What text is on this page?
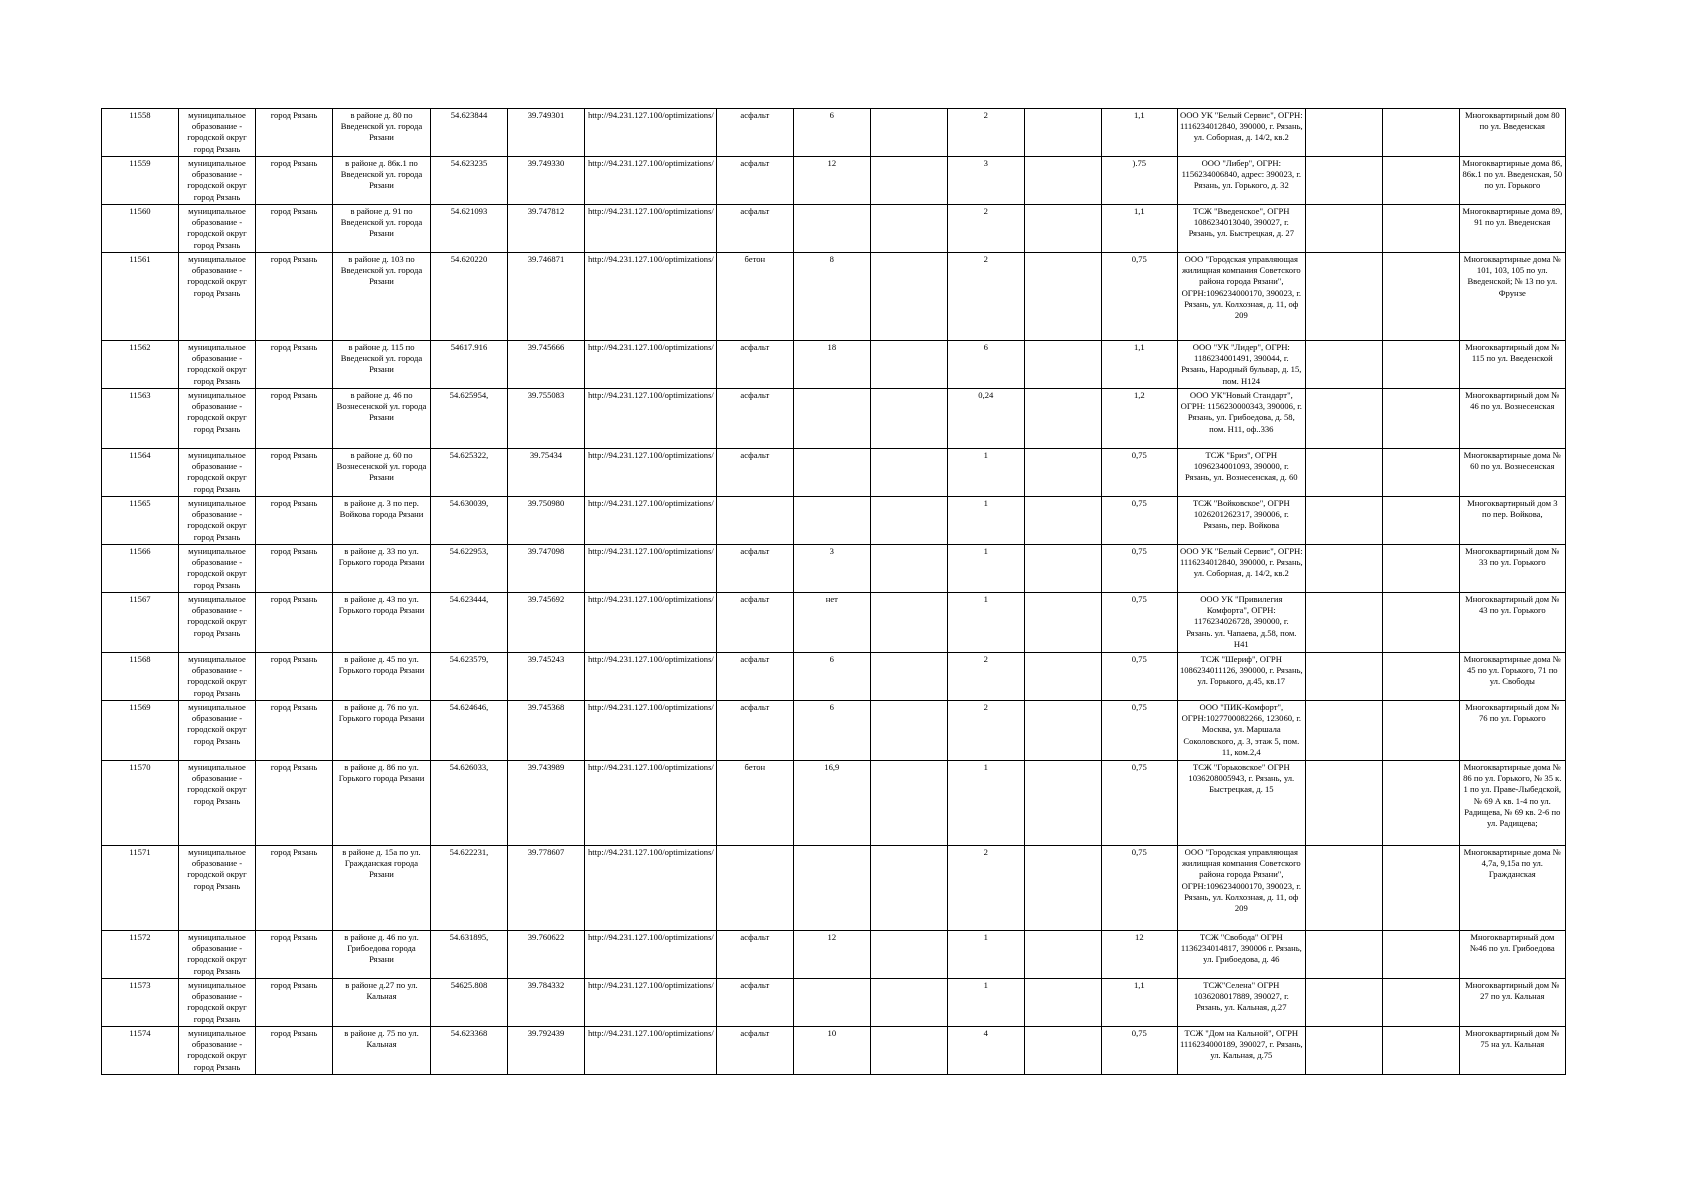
11558	муниципальное образование - городской округ город Рязань	город Рязань	в районе д. 80 по Введенской ул. города Рязани	54.623844	39.749301	http://94.231.127.100/optimizations/	асфальт	6		2		1,1	ООО УК "Белый Сервис", ОГРН: 1116234012840, 390000, г. Рязань, ул. Соборная, д. 14/2, кв.2			Многоквартирный дом 80 по ул. Введенская
11559	муниципальное образование - городской округ город Рязань	город Рязань	в районе д. 86к.1 по Введенской ул. города Рязани	54.623235	39.749330	http://94.231.127.100/optimizations/	асфальт	12		3		).75	ООО "Либер", ОГРН: 1156234006840, адрес: 390023, г. Рязань, ул. Горького, д. 32			Многоквартирные дома 86, 86к.1 по ул. Введенская, 50 по ул. Горького
11560	муниципальное образование - городской округ город Рязань	город Рязань	в районе д. 91 по Введенской ул. города Рязани	54.621093	39.747812	http://94.231.127.100/optimizations/	асфальт			2		1,1	ТСЖ "Введенское", ОГРН 1086234013040, 390027, г. Рязань, ул. Быстрецкая, д. 27			Многоквартирные дома 89, 91 по ул. Введенская
11561	муниципальное образование - городской округ город Рязань	город Рязань	в районе д. 103 по Введенской ул. города Рязани	54.620220	39.746871	http://94.231.127.100/optimizations/	бетон	8		2		0,75	ООО "Городская управляющая жилищная компания Советского района города Рязани", ОГРН:1096234000170, 390023, г. Рязань, ул. Колхозная, д. 11, оф 209			Многоквартирные дома № 101, 103, 105 по ул. Введенской; № 13 по ул. Фрунзе
11562	муниципальное образование - городской округ город Рязань	город Рязань	в районе д. 115 по Введенской ул. города Рязани	54617.916	39.745666	http://94.231.127.100/optimizations/	асфальт	18		6		1,1	ООО "УК "Лидер", ОГРН: 1186234001491, 390044, г. Рязань, Народный бульвар, д. 15, пом. Н124			Многоквартирный дом № 115 по ул. Введенской
11563	муниципальное образование - городской округ город Рязань	город Рязань	в районе д. 46 по Вознесенской ул. города Рязани	54.625954,	39.755083	http://94.231.127.100/optimizations/	асфальт			0,24		1,2	ООО УК"Новый Стандарт", ОГРН: 1156230000343, 390006, г. Рязань, ул. Грибоедова, д. 58, пом. Н11, оф..336			Многоквартирный дом № 46 по ул. Вознесенская
11564	муниципальное образование - городской округ город Рязань	город Рязань	в районе д. 60 по Вознесенской ул. города Рязани	54.625322,	39.75434	http://94.231.127.100/optimizations/	асфальт			1		0,75	ТСЖ "Бриз", ОГРН 1096234001093, 390000, г. Рязань, ул. Вознесенская, д. 60			Многоквартирные дома № 60 по ул. Вознесенская
11565	муниципальное образование - городской округ город Рязань	город Рязань	в районе д. 3 по пер. Войкова города Рязани	54.630039,	39.750980	http://94.231.127.100/optimizations/				1		0,75	ТСЖ "Войковское", ОГРН 1026201262317, 390006, г. Рязань, пер. Войкова			Многоквартирный дом 3 по пер. Войкова,
11566	муниципальное образование - городской округ город Рязань	город Рязань	в районе д. 33 по ул. Горького города Рязани	54.622953,	39.747098	http://94.231.127.100/optimizations/	асфальт	3		1		0,75	ООО УК "Белый Сервис", ОГРН: 1116234012840, 390000, г. Рязань, ул. Соборная, д. 14/2, кв.2			Многоквартирный дом № 33 по ул. Горького
11567	муниципальное образование - городской округ город Рязань	город Рязань	в районе д. 43 по ул. Горького города Рязани	54.623444,	39.745692	http://94.231.127.100/optimizations/	асфальт	нет		1		0,75	ООО УК "Привилегия Комфорта", ОГРН: 1176234026728, 390000, г. Рязань. ул. Чапаева, д.58, пом. Н41			Многоквартирный дом № 43 по ул. Горького
11568	муниципальное образование - городской округ город Рязань	город Рязань	в районе д. 45 по ул. Горького города Рязани	54.623579,	39.745243	http://94.231.127.100/optimizations/	асфальт	6		2		0,75	ТСЖ "Шериф", ОГРН 1086234011126, 390000, г. Рязань, ул. Горького, д.45, кв.17			Многоквартирные дома № 45 по ул. Горького, 71 по ул. Свободы
11569	муниципальное образование - городской округ город Рязань	город Рязань	в районе д. 76 по ул. Горького города Рязани	54.624646,	39.745368	http://94.231.127.100/optimizations/	асфальт	6		2		0,75	ООО "ПИК-Комфорт", ОГРН:1027700082266, 123060, г. Москва, ул. Маршала Соколовского, д. 3, этаж 5, пом. 11, ком.2,4			Многоквартирный дом № 76 по ул. Горького
11570	муниципальное образование - городской округ город Рязань	город Рязань	в районе д. 86 по ул. Горького города Рязани	54.626033,	39.743989	http://94.231.127.100/optimizations/	бетон	16,9		1		0,75	ТСЖ "Горьковское" ОГРН 1036208005943, г. Рязань, ул. Быстрецкая, д. 15			Многоквартирные дома № 86 по ул. Горького, № 35 к. 1 по ул. Праве-Лыбедской, № 69 А кв. 1-4 по ул. Радищева, № 69 кв. 2-6 по ул. Радищева;
11571	муниципальное образование - городской округ город Рязань	город Рязань	в районе д. 15а по ул. Гражданская города Рязани	54.622231,	39.778607	http://94.231.127.100/optimizations/				2		0,75	ООО "Городская управляющая жилищная компания Советского района города Рязани", ОГРН:1096234000170, 390023, г. Рязань, ул. Колхозная, д. 11, оф 209			Многоквартирные дома № 4,7а, 9,15а по ул. Гражданская
11572	муниципальное образование - городской округ город Рязань	город Рязань	в районе д. 46 по ул. Грибоедова города Рязани	54.631895,	39.760622	http://94.231.127.100/optimizations/	асфальт	12		1		12	ТСЖ "Свобода" ОГРН 1136234014817, 390006 г. Рязань, ул. Грибоедова, д. 46			Многоквартирный дом №46 по ул. Грибоедова
11573	муниципальное образование - городской округ город Рязань	город Рязань	в районе д.27 по ул. Кальная	54625.808	39.784332	http://94.231.127.100/optimizations/	асфальт			1		1,1	ТСЖ"Селена" ОГРН 1036208017889, 390027, г. Рязань, ул. Кальная, д.27			Многоквартирный дом № 27 по ул. Кальная
11574	муниципальное образование - городской округ город Рязань	город Рязань	в районе д. 75 по ул. Кальная	54.623368	39.792439	http://94.231.127.100/optimizations/	асфальт	10		4		0,75	ТСЖ "Дом на Кальной", ОГРН 1116234000189, 390027, г. Рязань, ул. Кальная, д.75			Многоквартирный дом № 75 на ул. Кальная
